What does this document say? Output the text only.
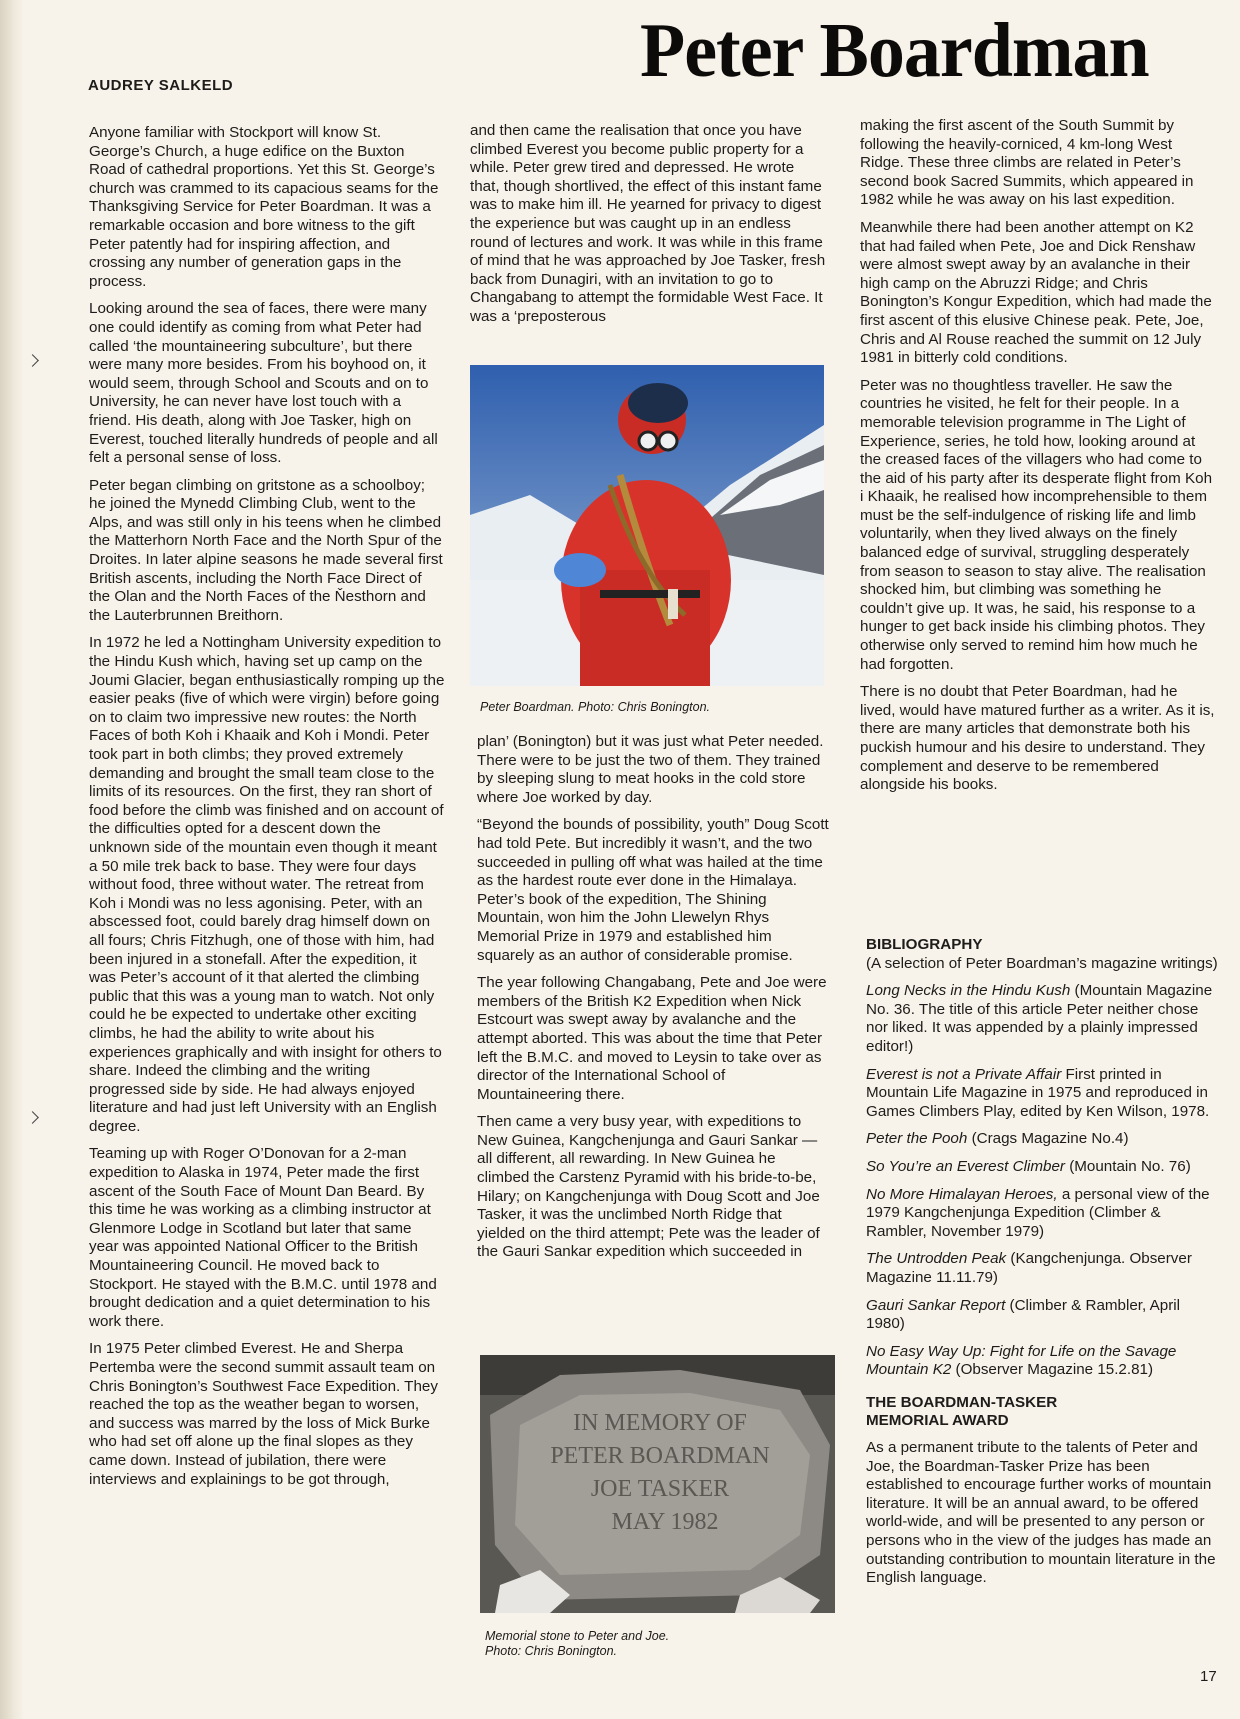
Peter Boardman
AUDREY SALKELD

Anyone familiar with Stockport will know St. George’s Church, a huge edifice on the Buxton Road of cathedral proportions. Yet this St. George’s church was crammed to its capacious seams for the Thanksgiving Service for Peter Boardman. It was a remarkable occasion and bore witness to the gift Peter patently had for inspiring affection, and crossing any number of generation gaps in the process.

Looking around the sea of faces, there were many one could identify as coming from what Peter had called ‘the mountaineering subculture’, but there were many more besides. From his boyhood on, it would seem, through School and Scouts and on to University, he can never have lost touch with a friend. His death, along with Joe Tasker, high on Everest, touched literally hundreds of people and all felt a personal sense of loss.

Peter began climbing on gritstone as a schoolboy; he joined the Mynedd Climbing Club, went to the Alps, and was still only in his teens when he climbed the Matterhorn North Face and the North Spur of the Droites. In later alpine seasons he made several first British ascents, including the North Face Direct of the Olan and the North Faces of the Ňesthorn and the Lauterbrunnen Breithorn.

In 1972 he led a Nottingham University expedition to the Hindu Kush which, having set up camp on the Joumi Glacier, began enthusiastically romping up the easier peaks (five of which were virgin) before going on to claim two impressive new routes: the North Faces of both Koh i Khaaik and Koh i Mondi. Peter took part in both climbs; they proved extremely demanding and brought the small team close to the limits of its resources. On the first, they ran short of food before the climb was finished and on account of the difficulties opted for a descent down the unknown side of the mountain even though it meant a 50 mile trek back to base. They were four days without food, three without water. The retreat from Koh i Mondi was no less agonising. Peter, with an abscessed foot, could barely drag himself down on all fours; Chris Fitzhugh, one of those with him, had been injured in a stonefall. After the expedition, it was Peter’s account of it that alerted the climbing public that this was a young man to watch. Not only could he be expected to undertake other exciting climbs, he had the ability to write about his experiences graphically and with insight for others to share. Indeed the climbing and the writing progressed side by side. He had always enjoyed literature and had just left University with an English degree.

Teaming up with Roger O’Donovan for a 2-man expedition to Alaska in 1974, Peter made the first ascent of the South Face of Mount Dan Beard. By this time he was working as a climbing instructor at Glenmore Lodge in Scotland but later that same year was appointed National Officer to the British Mountaineering Council. He moved back to Stockport. He stayed with the B.M.C. until 1978 and brought dedication and a quiet determination to his work there.

In 1975 Peter climbed Everest. He and Sherpa Pertemba were the second summit assault team on Chris Bonington’s Southwest Face Expedition. They reached the top as the weather began to worsen, and success was marred by the loss of Mick Burke who had set off alone up the final slopes as they came down. Instead of jubilation, there were interviews and explainings to be got through,

and then came the realisation that once you have climbed Everest you become public property for a while. Peter grew tired and depressed. He wrote that, though shortlived, the effect of this instant fame was to make him ill. He yearned for privacy to digest the experience but was caught up in an endless round of lectures and work. It was while in this frame of mind that he was approached by Joe Tasker, fresh back from Dunagiri, with an invitation to go to Changabang to attempt the formidable West Face. It was a ‘preposterous

Peter Boardman. Photo: Chris Bonington.

plan’ (Bonington) but it was just what Peter needed. There were to be just the two of them. They trained by sleeping slung to meat hooks in the cold store where Joe worked by day.

“Beyond the bounds of possibility, youth” Doug Scott had told Pete. But incredibly it wasn’t, and the two succeeded in pulling off what was hailed at the time as the hardest route ever done in the Himalaya. Peter’s book of the expedition, The Shining Mountain, won him the John Llewelyn Rhys Memorial Prize in 1979 and established him squarely as an author of considerable promise.

The year following Changabang, Pete and Joe were members of the British K2 Expedition when Nick Estcourt was swept away by avalanche and the attempt aborted. This was about the time that Peter left the B.M.C. and moved to Leysin to take over as director of the International School of Mountaineering there.

Then came a very busy year, with expeditions to New Guinea, Kangchenjunga and Gauri Sankar — all different, all rewarding. In New Guinea he climbed the Carstenz Pyramid with his bride-to-be, Hilary; on Kangchenjunga with Doug Scott and Joe Tasker, it was the unclimbed North Ridge that yielded on the third attempt; Pete was the leader of the Gauri Sankar expedition which succeeded in

IN MEMORY OF
PETER BOARDMAN
JOE TASKER
MAY 1982
Memorial stone to Peter and Joe.
Photo: Chris Bonington.

making the first ascent of the South Summit by following the heavily-corniced, 4 km-long West Ridge. These three climbs are related in Peter’s second book Sacred Summits, which appeared in 1982 while he was away on his last expedition.

Meanwhile there had been another attempt on K2 that had failed when Pete, Joe and Dick Renshaw were almost swept away by an avalanche in their high camp on the Abruzzi Ridge; and Chris Bonington’s Kongur Expedition, which had made the first ascent of this elusive Chinese peak. Pete, Joe, Chris and Al Rouse reached the summit on 12 July 1981 in bitterly cold conditions.

Peter was no thoughtless traveller. He saw the countries he visited, he felt for their people. In a memorable television programme in The Light of Experience, series, he told how, looking around at the creased faces of the villagers who had come to the aid of his party after its desperate flight from Koh i Khaaik, he realised how incomprehensible to them must be the self-indulgence of risking life and limb voluntarily, when they lived always on the finely balanced edge of survival, struggling desperately from season to season to stay alive. The realisation shocked him, but climbing was something he couldn’t give up. It was, he said, his response to a hunger to get back inside his climbing photos. They otherwise only served to remind him how much he had forgotten.

There is no doubt that Peter Boardman, had he lived, would have matured further as a writer. As it is, there are many articles that demonstrate both his puckish humour and his desire to understand. They complement and deserve to be remembered alongside his books.

BIBLIOGRAPHY

(A selection of Peter Boardman’s magazine writings)

Long Necks in the Hindu Kush (Mountain Magazine No. 36. The title of this article Peter neither chose nor liked. It was appended by a plainly impressed editor!)

Everest is not a Private Affair First printed in Mountain Life Magazine in 1975 and reproduced in Games Climbers Play, edited by Ken Wilson, 1978.

Peter the Pooh (Crags Magazine No.4)

So You’re an Everest Climber (Mountain No. 76)

No More Himalayan Heroes, a personal view of the 1979 Kangchenjunga Expedition (Climber & Rambler, November 1979)

The Untrodden Peak (Kangchenjunga. Observer Magazine 11.11.79)

Gauri Sankar Report (Climber & Rambler, April 1980)

No Easy Way Up: Fight for Life on the Savage Mountain K2 (Observer Magazine 15.2.81)

THE BOARDMAN-TASKER MEMORIAL AWARD

As a permanent tribute to the talents of Peter and Joe, the Boardman-Tasker Prize has been established to encourage further works of mountain literature. It will be an annual award, to be offered world-wide, and will be presented to any person or persons who in the view of the judges has made an outstanding contribution to mountain literature in the English language.

17
